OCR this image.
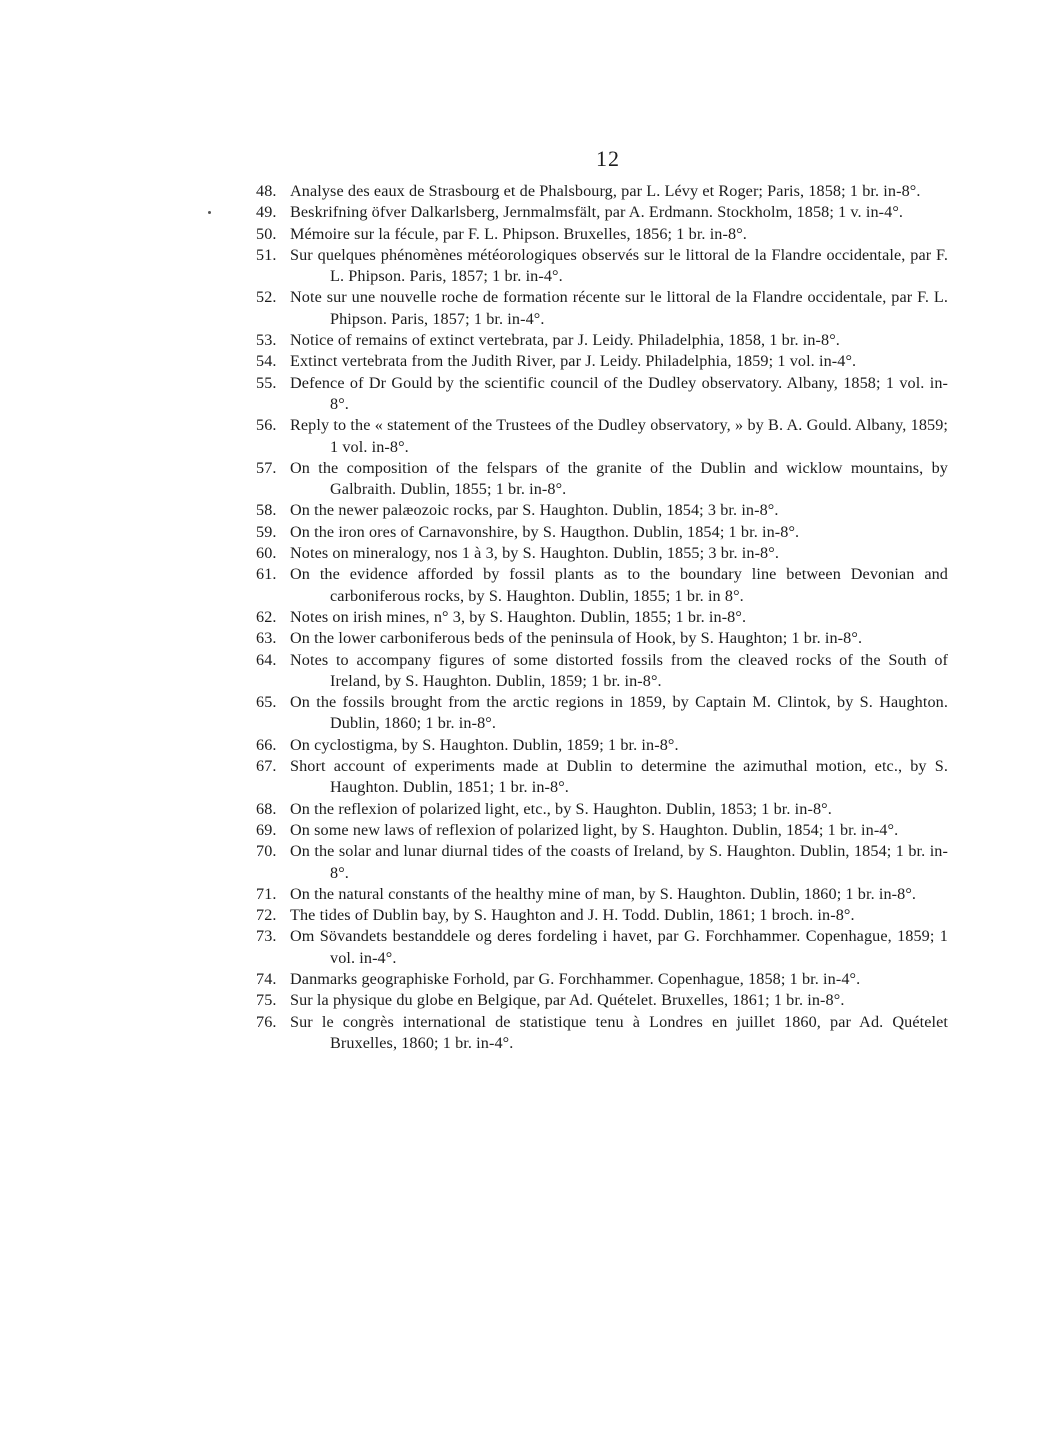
12
48. Analyse des eaux de Strasbourg et de Phalsbourg, par L. Lévy et Roger; Paris, 1858; 1 br. in-8°.
49. Beskrifning öfver Dalkarlsberg, Jernmalmsfält, par A. Erdmann. Stockholm, 1858; 1 v. in-4°.
50. Mémoire sur la fécule, par F. L. Phipson. Bruxelles, 1856; 1 br. in-8°.
51. Sur quelques phénomènes météorologiques observés sur le littoral de la Flandre occidentale, par F. L. Phipson. Paris, 1857; 1 br. in-4°.
52. Note sur une nouvelle roche de formation récente sur le littoral de la Flandre occidentale, par F. L. Phipson. Paris, 1857; 1 br. in-4°.
53. Notice of remains of extinct vertebrata, par J. Leidy. Philadelphia, 1858, 1 br. in-8°.
54. Extinct vertebrata from the Judith River, par J. Leidy. Philadelphia, 1859; 1 vol. in-4°.
55. Defence of Dr Gould by the scientific council of the Dudley observatory. Albany, 1858; 1 vol. in-8°.
56. Reply to the « statement of the Trustees of the Dudley observatory, » by B. A. Gould. Albany, 1859; 1 vol. in-8°.
57. On the composition of the felspars of the granite of the Dublin and wicklow mountains, by Galbraith. Dublin, 1855; 1 br. in-8°.
58. On the newer palæozoic rocks, par S. Haughton. Dublin, 1854; 3 br. in-8°.
59. On the iron ores of Carnavonshire, by S. Haugthon. Dublin, 1854; 1 br. in-8°.
60. Notes on mineralogy, nos 1 à 3, by S. Haughton. Dublin, 1855; 3 br. in-8°.
61. On the evidence afforded by fossil plants as to the boundary line between Devonian and carboniferous rocks, by S. Haughton. Dublin, 1855; 1 br. in 8°.
62. Notes on irish mines, n° 3, by S. Haughton. Dublin, 1855; 1 br. in-8°.
63. On the lower carboniferous beds of the peninsula of Hook, by S. Haughton; 1 br. in-8°.
64. Notes to accompany figures of some distorted fossils from the cleaved rocks of the South of Ireland, by S. Haughton. Dublin, 1859; 1 br. in-8°.
65. On the fossils brought from the arctic regions in 1859, by Captain M. Clintok, by S. Haughton. Dublin, 1860; 1 br. in-8°.
66. On cyclostigma, by S. Haughton. Dublin, 1859; 1 br. in-8°.
67. Short account of experiments made at Dublin to determine the azimuthal motion, etc., by S. Haughton. Dublin, 1851; 1 br. in-8°.
68. On the reflexion of polarized light, etc., by S. Haughton. Dublin, 1853; 1 br. in-8°.
69. On some new laws of reflexion of polarized light, by S. Haughton. Dublin, 1854; 1 br. in-4°.
70. On the solar and lunar diurnal tides of the coasts of Ireland, by S. Haughton. Dublin, 1854; 1 br. in-8°.
71. On the natural constants of the healthy mine of man, by S. Haughton. Dublin, 1860; 1 br. in-8°.
72. The tides of Dublin bay, by S. Haughton and J. H. Todd. Dublin, 1861; 1 broch. in-8°.
73. Om Sövandets bestanddele og deres fordeling i havet, par G. Forchhammer. Copenhague, 1859; 1 vol. in-4°.
74. Danmarks geographiske Forhold, par G. Forchhammer. Copenhague, 1858; 1 br. in-4°.
75. Sur la physique du globe en Belgique, par Ad. Quételet. Bruxelles, 1861; 1 br. in-8°.
76. Sur le congrès international de statistique tenu à Londres en juillet 1860, par Ad. Quételet Bruxelles, 1860; 1 br. in-4°.
